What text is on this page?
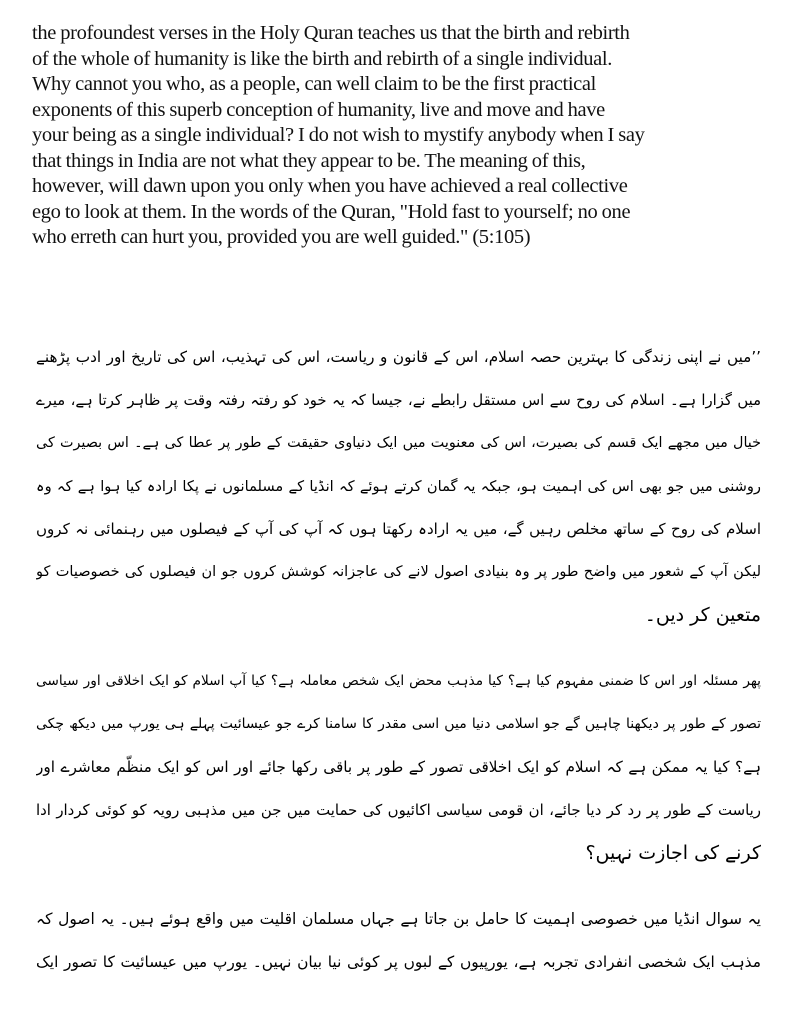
the profoundest verses in the Holy Quran teaches us that the birth and rebirth
of the whole of humanity is like the birth and rebirth of a single individual.
Why cannot you who, as a people, can well claim to be the first practical
exponents of this superb conception of humanity, live and move and have
your being as a single individual? I do not wish to mystify anybody when I say
that things in India are not what they appear to be. The meaning of this,
however, will dawn upon you only when you have achieved a real collective
ego to look at them. In the words of the Quran, "Hold fast to yourself; no one
who erreth can hurt you, provided you are well guided." (5:105)
’’میں نے اپنی زندگی کا بہترین حصہ اسلام، اس کے قانون و ریاست، اس کی تہذیب، اس کی تاریخ اور ادب پڑھنے
میں گزارا ہے۔ اسلام کی روح سے اس مستقل رابطے نے، جیسا کہ یہ خود کو رفتہ رفتہ وقت پر ظاہر کرتا ہے، میرے
خیال میں مجھے ایک قسم کی بصیرت، اس کی معنویت میں ایک دنیاوی حقیقت کے طور پر عطا کی ہے۔ اس بصیرت کی
روشنی میں جو بھی اس کی اہمیت ہو، جبکہ یہ گمان کرتے ہوئے کہ انڈیا کے مسلمانوں نے پکا ارادہ کیا ہوا ہے کہ وہ
اسلام کی روح کے ساتھ مخلص رہیں گے، میں یہ ارادہ رکھتا ہوں کہ آپ کی آپ کے فیصلوں میں رہنمائی نہ کروں
لیکن آپ کے شعور میں واضح طور پر وہ بنیادی اصول لانے کی عاجزانہ کوشش کروں جو ان فیصلوں کی خصوصیات کو
متعین کر دیں۔
پھر مسئلہ اور اس کا ضمنی مفہوم کیا ہے؟ کیا مذہب محض ایک شخص معاملہ ہے؟ کیا آپ اسلام کو ایک اخلاقی اور سیاسی
تصور کے طور پر دیکھنا چاہیں گے جو اسلامی دنیا میں اسی مقدر کا سامنا کرے جو عیسائیت پہلے ہی یورپ میں دیکھ چکی
ہے؟ کیا یہ ممکن ہے کہ اسلام کو ایک اخلاقی تصور کے طور پر باقی رکھا جائے اور اس کو ایک منظّم معاشرے اور
ریاست کے طور پر رد کر دیا جائے، ان قومی سیاسی اکائیوں کی حمایت میں جن میں مذہبی رویہ کو کوئی کردار ادا
کرنے کی اجازت نہیں؟
یہ سوال انڈیا میں خصوصی اہمیت کا حامل بن جاتا ہے جہاں مسلمان اقلیت میں واقع ہوئے ہیں۔ یہ اصول کہ
مذہب ایک شخصی انفرادی تجربہ ہے، یورپیوں کے لبوں پر کوئی نیا بیان نہیں۔ یورپ میں عیسائیت کا تصور ایک
